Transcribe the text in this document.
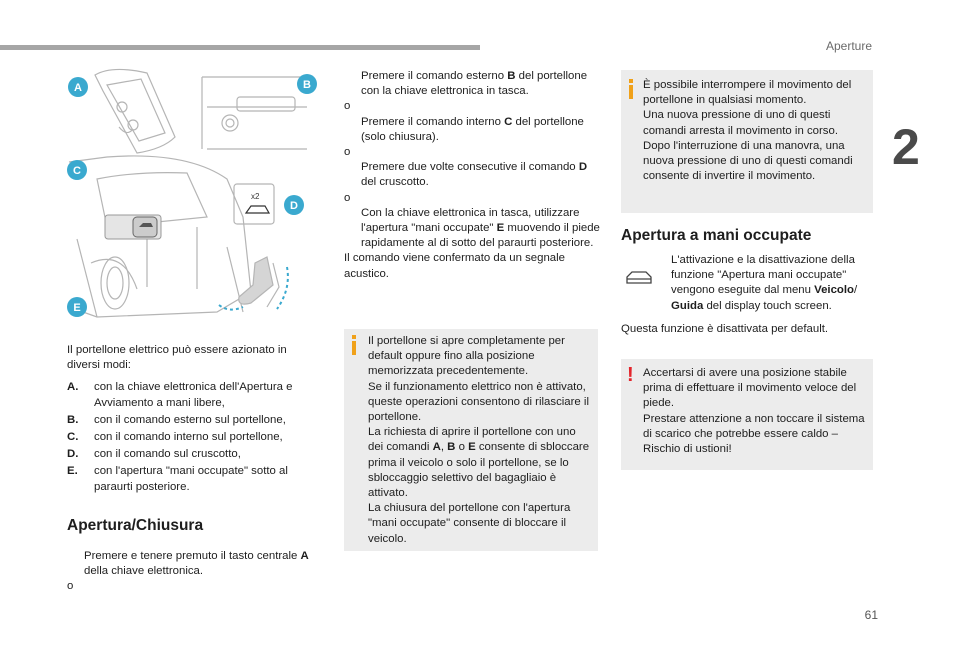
Aperture
2
x2
A	B
C
D
E

Il portellone elettrico può essere azionato in diversi modi:

A. con la chiave elettronica dell'Apertura e Avviamento a mani libere,
B. con il comando esterno sul portellone,
C. con il comando interno sul portellone,
D. con il comando sul cruscotto,
E. con l'apertura "mani occupate" sotto al paraurti posteriore.
Apertura/Chiusura
Premere e tenere premuto il tasto centrale A della chiave elettronica.
o
Premere il comando esterno B del portellone con la chiave elettronica in tasca.
o
Premere il comando interno C del portellone (solo chiusura).
o
Premere due volte consecutive il comando D del cruscotto.
o
Con la chiave elettronica in tasca, utilizzare l'apertura "mani occupate" E muovendo il piede rapidamente al di sotto del paraurti posteriore.
Il comando viene confermato da un segnale acustico.

Il portellone si apre completamente per default oppure fino alla posizione memorizzata precedentemente.

Se il funzionamento elettrico non è attivato, queste operazioni consentono di rilasciare il portellone.

La richiesta di aprire il portellone con uno dei comandi A, B o E consente di sbloccare prima il veicolo o solo il portellone, se lo sbloccaggio selettivo del bagagliaio è attivato.

La chiusura del portellone con l'apertura "mani occupate" consente di bloccare il veicolo.

È possibile interrompere il movimento del portellone in qualsiasi momento.

Una nuova pressione di uno di questi comandi arresta il movimento in corso.

Dopo l'interruzione di una manovra, una nuova pressione di uno di questi comandi consente di invertire il movimento.

Apertura a mani occupate

L'attivazione e la disattivazione della funzione "Apertura mani occupate" vengono eseguite dal menu Veicolo/ Guida del display touch screen.

Questa funzione è disattivata per default.

! Accertarsi di avere una posizione stabile prima di effettuare il movimento veloce del piede.

Prestare attenzione a non toccare il sistema di scarico che potrebbe essere caldo – Rischio di ustioni!

61
